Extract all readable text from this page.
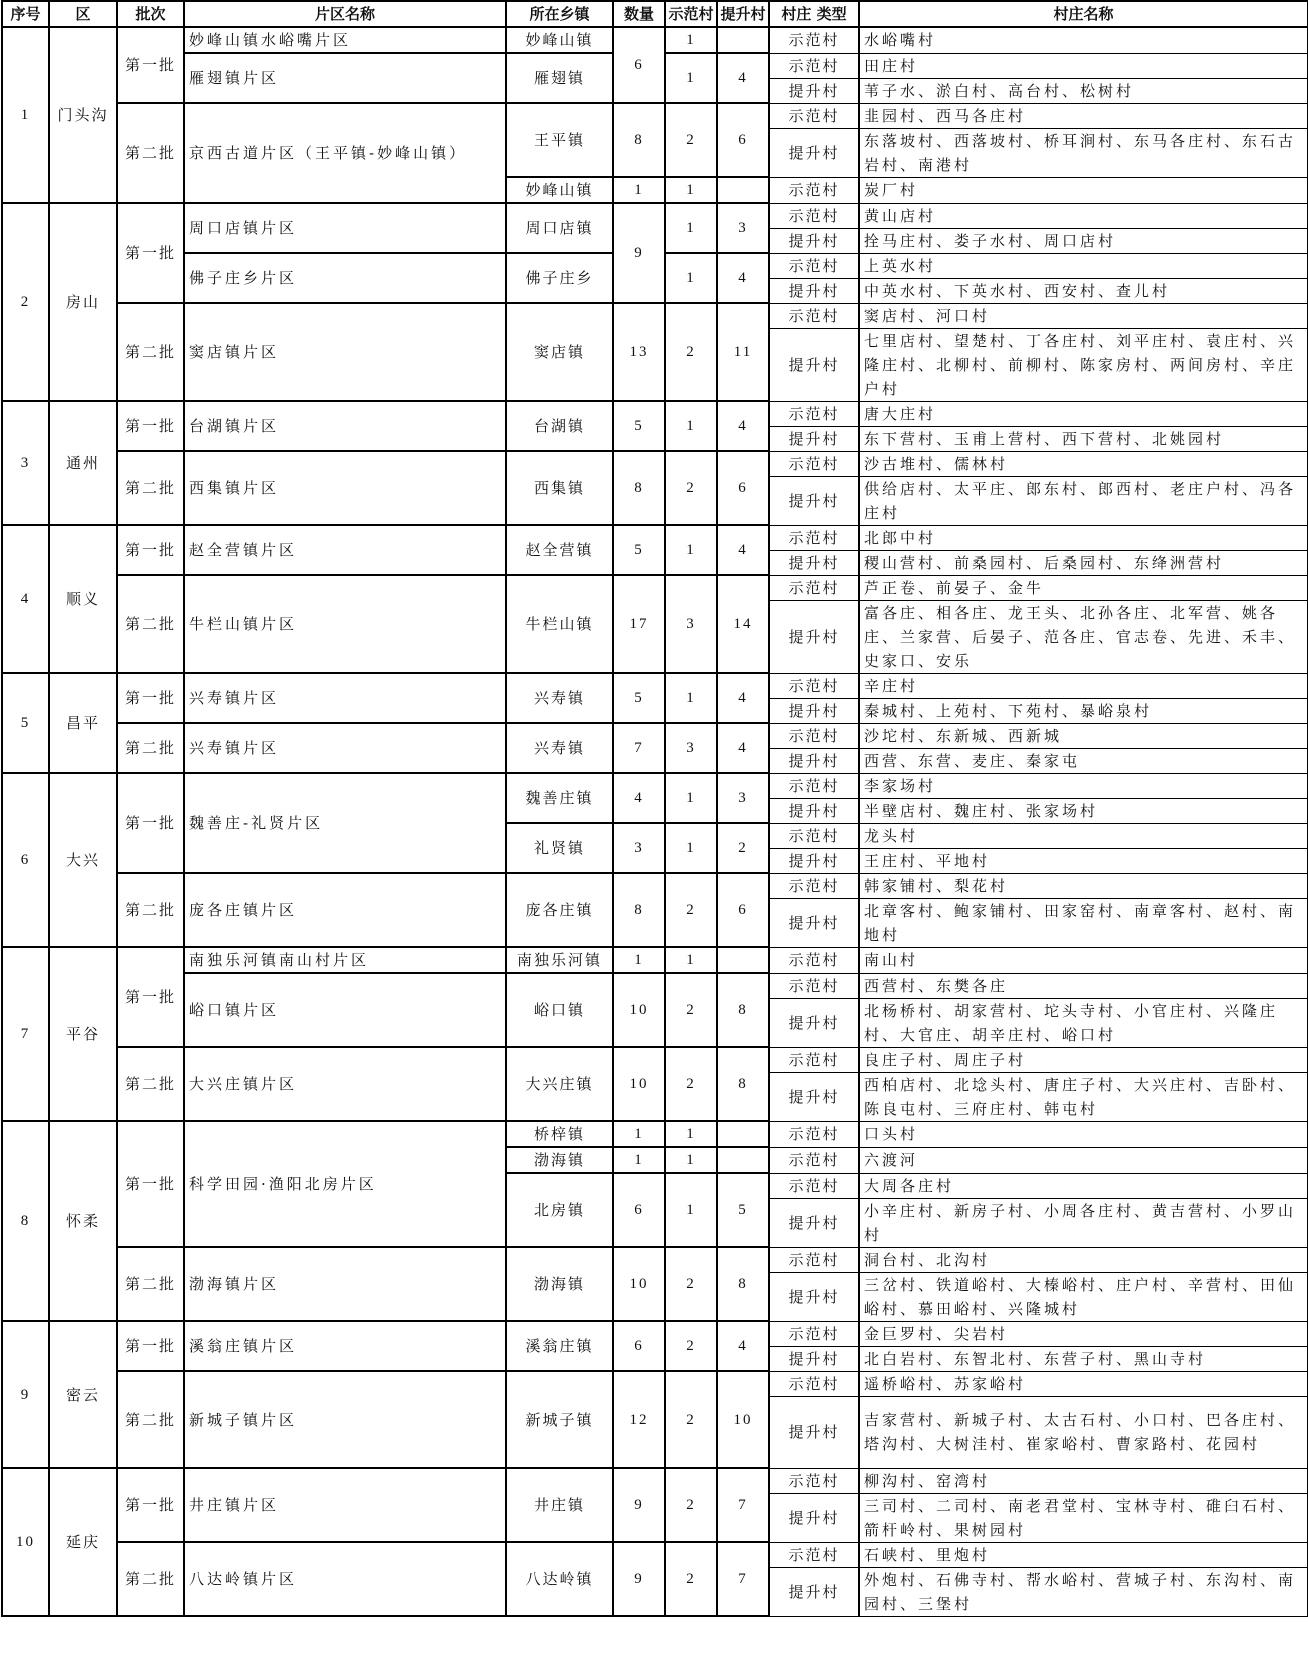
序号	区	批次	片区名称	所在乡镇	数量	示范村	提升村	村庄 类型	村庄名称
1	门头沟	第一批	妙峰山镇水峪嘴片区	妙峰山镇	6	1		示范村	水峪嘴村
			雁翅镇片区	雁翅镇		1	4	示范村	田庄村
								提升村	苇子水、淤白村、高台村、松树村
		第二批	京西古道片区（王平镇-妙峰山镇）	王平镇	8	2	6	示范村	韭园村、西马各庄村
								提升村	东落坡村、西落坡村、桥耳涧村、东马各庄村、东石古岩村、南港村
				妙峰山镇	1	1		示范村	炭厂村
2	房山	第一批	周口店镇片区	周口店镇	9	1	3	示范村	黄山店村
								提升村	拴马庄村、娄子水村、周口店村
			佛子庄乡片区	佛子庄乡		1	4	示范村	上英水村
								提升村	中英水村、下英水村、西安村、查儿村
		第二批	窦店镇片区	窦店镇	13	2	11	示范村	窦店村、河口村
								提升村	七里店村、望楚村、丁各庄村、刘平庄村、袁庄村、兴隆庄村、北柳村、前柳村、陈家房村、两间房村、辛庄户村
3	通州	第一批	台湖镇片区	台湖镇	5	1	4	示范村	唐大庄村
								提升村	东下营村、玉甫上营村、西下营村、北姚园村
		第二批	西集镇片区	西集镇	8	2	6	示范村	沙古堆村、儒林村
								提升村	供给店村、太平庄、郎东村、郎西村、老庄户村、冯各庄村
4	顺义	第一批	赵全营镇片区	赵全营镇	5	1	4	示范村	北郎中村
								提升村	稷山营村、前桑园村、后桑园村、东绛洲营村
		第二批	牛栏山镇片区	牛栏山镇	17	3	14	示范村	芦正卷、前晏子、金牛
								提升村	富各庄、相各庄、龙王头、北孙各庄、北军营、姚各庄、兰家营、后晏子、范各庄、官志卷、先进、禾丰、史家口、安乐
5	昌平	第一批	兴寿镇片区	兴寿镇	5	1	4	示范村	辛庄村
								提升村	秦城村、上苑村、下苑村、暴峪泉村
		第二批	兴寿镇片区	兴寿镇	7	3	4	示范村	沙坨村、东新城、西新城
								提升村	西营、东营、麦庄、秦家屯
6	大兴	第一批	魏善庄-礼贤片区	魏善庄镇	4	1	3	示范村	李家场村
								提升村	半壁店村、魏庄村、张家场村
				礼贤镇	3	1	2	示范村	龙头村
								提升村	王庄村、平地村
		第二批	庞各庄镇片区	庞各庄镇	8	2	6	示范村	韩家铺村、梨花村
								提升村	北章客村、鲍家铺村、田家窑村、南章客村、赵村、南地村
7	平谷	第一批	南独乐河镇南山村片区	南独乐河镇	1	1		示范村	南山村
			峪口镇片区	峪口镇	10	2	8	示范村	西营村、东樊各庄
								提升村	北杨桥村、胡家营村、坨头寺村、小官庄村、兴隆庄村、大官庄、胡辛庄村、峪口村
		第二批	大兴庄镇片区	大兴庄镇	10	2	8	示范村	良庄子村、周庄子村
								提升村	西柏店村、北埝头村、唐庄子村、大兴庄村、吉卧村、陈良屯村、三府庄村、韩屯村
8	怀柔	第一批	科学田园·渔阳北房片区	桥梓镇	1	1		示范村	口头村
				渤海镇	1	1		示范村	六渡河
				北房镇	6	1	5	示范村	大周各庄村
								提升村	小辛庄村、新房子村、小周各庄村、黄吉营村、小罗山村
		第二批	渤海镇片区	渤海镇	10	2	8	示范村	洞台村、北沟村
								提升村	三岔村、铁道峪村、大榛峪村、庄户村、辛营村、田仙峪村、慕田峪村、兴隆城村
9	密云	第一批	溪翁庄镇片区	溪翁庄镇	6	2	4	示范村	金巨罗村、尖岩村
								提升村	北白岩村、东智北村、东营子村、黑山寺村
		第二批	新城子镇片区	新城子镇	12	2	10	示范村	遥桥峪村、苏家峪村
								提升村	吉家营村、新城子村、太古石村、小口村、巴各庄村、塔沟村、大树洼村、崔家峪村、曹家路村、花园村
10	延庆	第一批	井庄镇片区	井庄镇	9	2	7	示范村	柳沟村、窑湾村
								提升村	三司村、二司村、南老君堂村、宝林寺村、碓臼石村、箭杆岭村、果树园村
		第二批	八达岭镇片区	八达岭镇	9	2	7	示范村	石峡村、里炮村
								提升村	外炮村、石佛寺村、帮水峪村、营城子村、东沟村、南园村、三堡村
